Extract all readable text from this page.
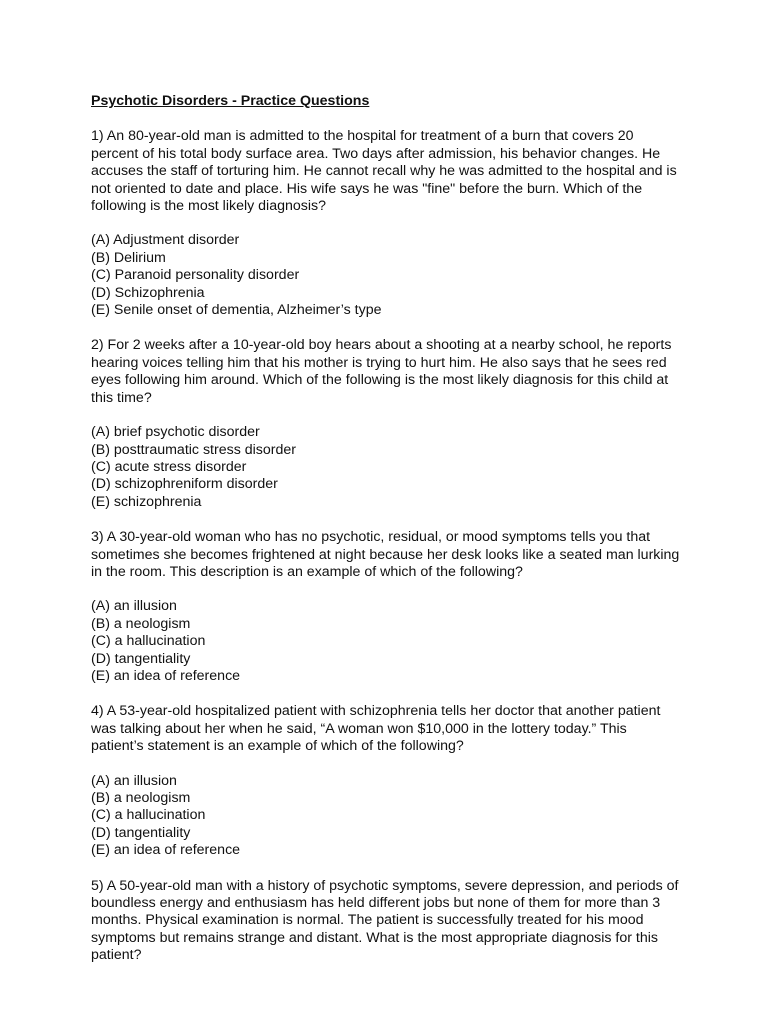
Psychotic Disorders - Practice Questions
1) An 80-year-old man is admitted to the hospital for treatment of a burn that covers 20 percent of his total body surface area. Two days after admission, his behavior changes. He accuses the staff of torturing him. He cannot recall why he was admitted to the hospital and is not oriented to date and place. His wife says he was "fine" before the burn. Which of the following is the most likely diagnosis?
(A) Adjustment disorder
(B) Delirium
(C) Paranoid personality disorder
(D) Schizophrenia
(E) Senile onset of dementia, Alzheimer’s type
2) For 2 weeks after a 10-year-old boy hears about a shooting at a nearby school, he reports hearing voices telling him that his mother is trying to hurt him. He also says that he sees red eyes following him around. Which of the following is the most likely diagnosis for this child at this time?
(A) brief psychotic disorder
(B) posttraumatic stress disorder
(C) acute stress disorder
(D) schizophreniform disorder
(E) schizophrenia
3) A 30-year-old woman who has no psychotic, residual, or mood symptoms tells you that sometimes she becomes frightened at night because her desk looks like a seated man lurking in the room. This description is an example of which of the following?
(A) an illusion
(B) a neologism
(C) a hallucination
(D) tangentiality
(E) an idea of reference
4) A 53-year-old hospitalized patient with schizophrenia tells her doctor that another patient was talking about her when he said, “A woman won $10,000 in the lottery today.” This patient’s statement is an example of which of the following?
(A) an illusion
(B) a neologism
(C) a hallucination
(D) tangentiality
(E) an idea of reference
5) A 50-year-old man with a history of psychotic symptoms, severe depression, and periods of boundless energy and enthusiasm has held different jobs but none of them for more than 3 months. Physical examination is normal. The patient is successfully treated for his mood symptoms but remains strange and distant. What is the most appropriate diagnosis for this patient?
